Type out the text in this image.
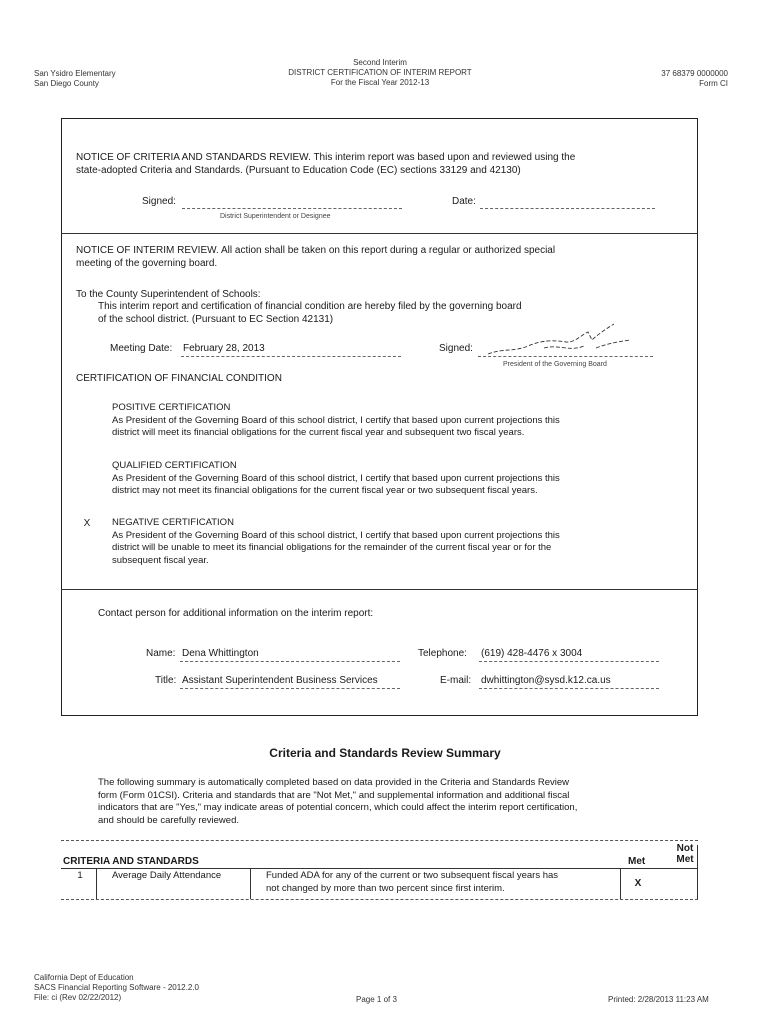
San Ysidro Elementary
San Diego County
Second Interim
DISTRICT CERTIFICATION OF INTERIM REPORT
For the Fiscal Year 2012-13
37 68379 0000000
Form CI
NOTICE OF CRITERIA AND STANDARDS REVIEW. This interim report was based upon and reviewed using the
state-adopted Criteria and Standards. (Pursuant to Education Code (EC) sections 33129 and 42130)
Signed:
District Superintendent or Designee
Date:
NOTICE OF INTERIM REVIEW. All action shall be taken on this report during a regular or authorized special
meeting of the governing board.
To the County Superintendent of Schools:
This interim report and certification of financial condition are hereby filed by the governing board
of the school district. (Pursuant to EC Section 42131)
Meeting Date: February 28, 2013	Signed:
President of the Governing Board
CERTIFICATION OF FINANCIAL CONDITION
POSITIVE CERTIFICATION
As President of the Governing Board of this school district, I certify that based upon current projections this
district will meet its financial obligations for the current fiscal year and subsequent two fiscal years.
QUALIFIED CERTIFICATION
As President of the Governing Board of this school district, I certify that based upon current projections this
district may not meet its financial obligations for the current fiscal year or two subsequent fiscal years.
X	NEGATIVE CERTIFICATION
As President of the Governing Board of this school district, I certify that based upon current projections this
district will be unable to meet its financial obligations for the remainder of the current fiscal year or for the
subsequent fiscal year.
Contact person for additional information on the interim report:
Name: Dena Whittington	Telephone: (619) 428-4476 x 3004
Title: Assistant Superintendent Business Services	E-mail: dwhittington@sysd.k12.ca.us
Criteria and Standards Review Summary
The following summary is automatically completed based on data provided in the Criteria and Standards Review
form (Form 01CSI). Criteria and standards that are "Not Met," and supplemental information and additional fiscal
indicators that are "Yes," may indicate areas of potential concern, which could affect the interim report certification,
and should be carefully reviewed.
CRITERIA AND STANDARDS	Met
Not
Met
1	Average Daily Attendance	Funded ADA for any of the current or two subsequent fiscal years has
not changed by more than two percent since first interim.	X
California Dept of Education
SACS Financial Reporting Software - 2012.2.0
File: ci (Rev 02/22/2012)	Page 1 of 3	Printed: 2/28/2013 11:23 AM
